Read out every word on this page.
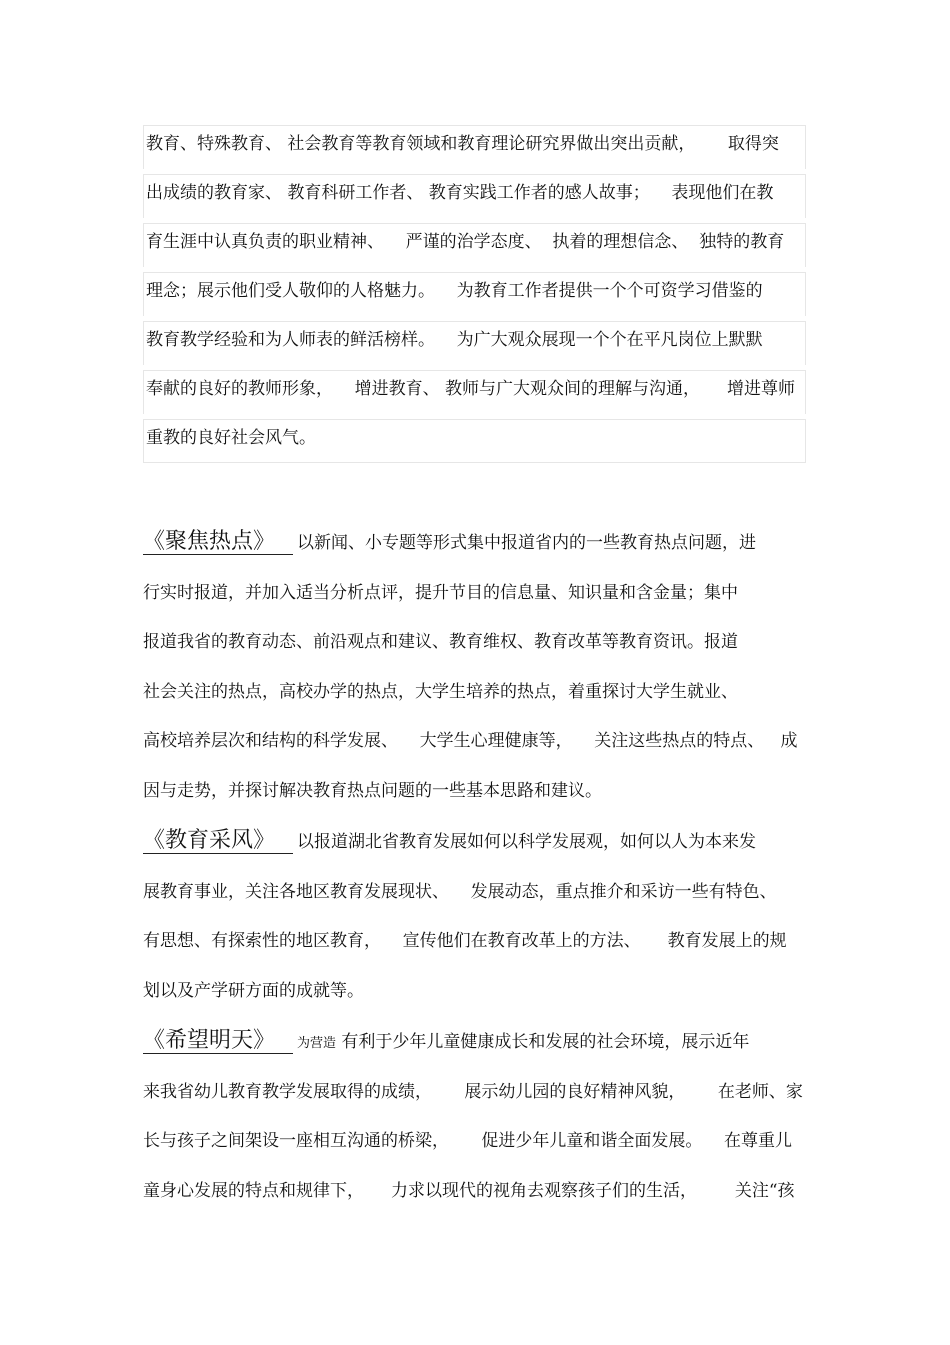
教育、特殊教育、 社会教育等教育领域和教育理论研究界做出突出贡献，      取得突
出成绩的教育家、 教育科研工作者、 教育实践工作者的感人故事；    表现他们在教
育生涯中认真负责的职业精神、    严谨的治学态度、  执着的理想信念、  独特的教育
理念；展示他们受人敬仰的人格魅力。    为教育工作者提供一个个可资学习借鉴的
教育教学经验和为人师表的鲜活榜样。    为广大观众展现一个个在平凡岗位上默默
奉献的良好的教师形象，    增进教育、 教师与广大观众间的理解与沟通，     增进尊师
重教的良好社会风气。
《聚焦热点》 以新闻、小专题等形式集中报道省内的一些教育热点问题，进
行实时报道，并加入适当分析点评，提升节目的信息量、知识量和含金量；集中
报道我省的教育动态、前沿观点和建议、教育维权、教育改革等教育资讯。报道
社会关注的热点，高校办学的热点，大学生培养的热点，着重探讨大学生就业、
高校培养层次和结构的科学发展、    大学生心理健康等，    关注这些热点的特点、   成
因与走势，并探讨解决教育热点问题的一些基本思路和建议。
《教育采风》 以报道湖北省教育发展如何以科学发展观，如何以人为本来发
展教育事业，关注各地区教育发展现状、    发展动态，重点推介和采访一些有特色、
有思想、有探索性的地区教育，    宣传他们在教育改革上的方法、     教育发展上的规
划以及产学研方面的成就等。
《希望明天》 为营造 有利于少年儿童健康成长和发展的社会环境，展示近年
来我省幼儿教育教学发展取得的成绩，      展示幼儿园的良好精神风貌，      在老师、家
长与孩子之间架设一座相互沟通的桥梁，      促进少年儿童和谐全面发展。    在尊重儿
童身心发展的特点和规律下，     力求以现代的视角去观察孩子们的生活，       关注“孩
